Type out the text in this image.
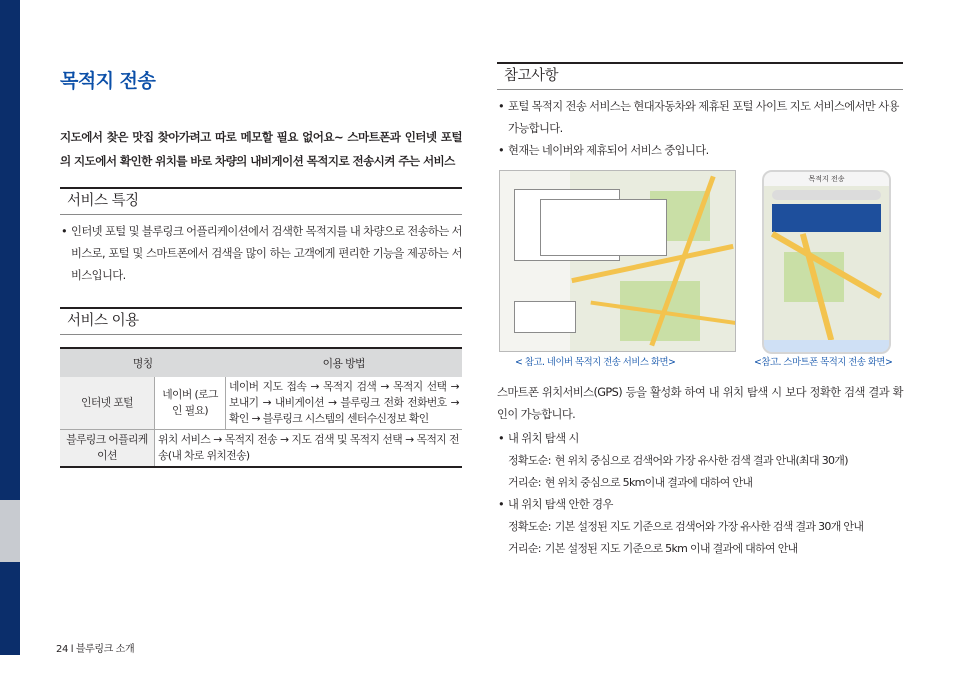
목적지 전송

지도에서 찾은 맛집 찾아가려고 따로 메모할 필요 없어요~ 스마트폰과 인터넷 포털의 지도에서 확인한 위치를 바로 차량의 내비게이션 목적지로 전송시켜 주는 서비스

서비스 특징
• 인터넷 포털 및 블루링크 어플리케이션에서 검색한 목적지를 내 차량으로 전송하는 서비스로, 포털 및 스마트폰에서 검색을 많이 하는 고객에게 편리한 기능을 제공하는 서비스입니다.
서비스 이용
명칭		이용 방법
인터넷 포털	네이버 (로그인 필요)	네이버 지도 접속 → 목적지 검색 → 목적지 선택 → 보내기 → 내비게이션 → 블루링크 전화 전화번호 → 확인 → 블루링크 시스템의 센터수신정보 확인
블루링크 어플리케이션	위치 서비스 → 목적지 전송 → 지도 검색 및 목적지 선택 → 목적지 전송(내 차로 위치전송)	
참고사항
• 포털 목적지 전송 서비스는 현대자동차와 제휴된 포털 사이트 지도 서비스에서만 사용 가능합니다.
• 현재는 네이버와 제휴되어 서비스 중입니다.
목적지 전송
< 참고. 네이버 목적지 전송 서비스 화면>	<참고. 스마트폰 목적지 전송 화면>

스마트폰 위치서비스(GPS) 등을 활성화 하여 내 위치 탐색 시 보다 정확한 검색 결과 확인이 가능합니다.

• 내 위치 탐색 시
정확도순: 현 위치 중심으로 검색어와 가장 유사한 검색 결과 안내(최대 30개)
거리순: 현 위치 중심으로 5km이내 결과에 대하여 안내
• 내 위치 탐색 안한 경우
정확도순: 기본 설정된 지도 기준으로 검색어와 가장 유사한 검색 결과 30개 안내
거리순: 기본 설정된 지도 기준으로 5km 이내 결과에 대하여 안내
24 l 블루링크 소개
